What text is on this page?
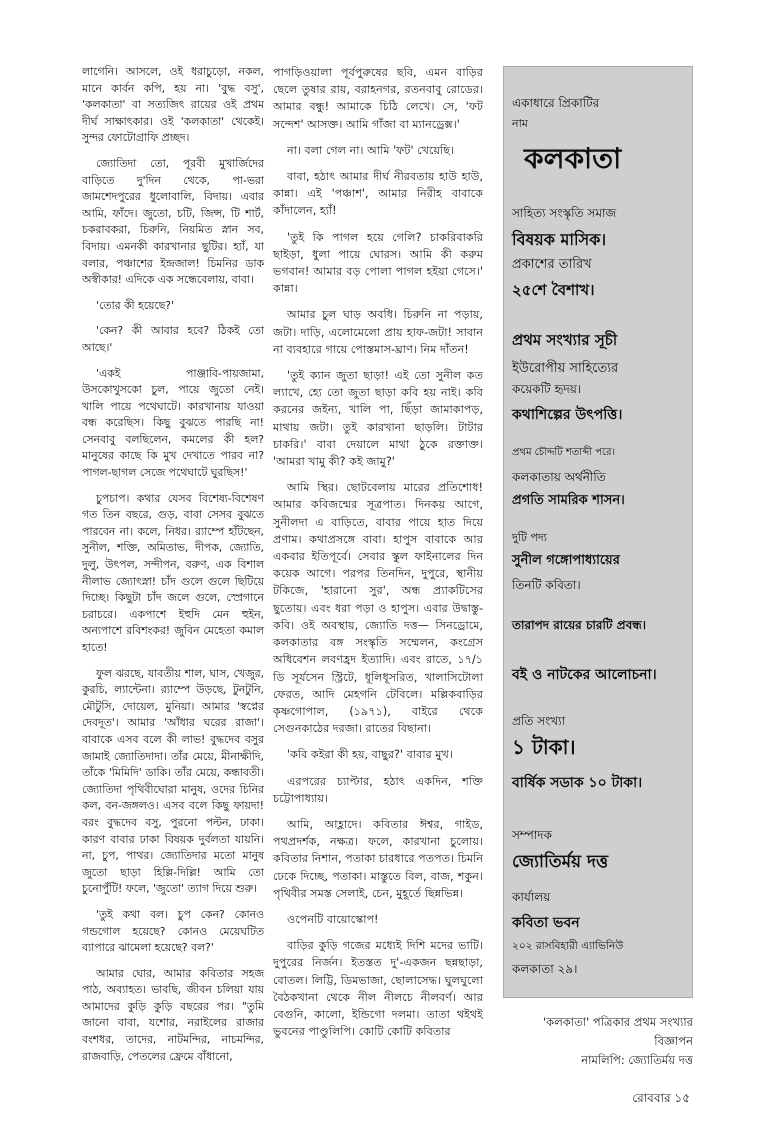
লাগেনি। আসলে, ওই ধরাচুড়ো, নকল, মানে কার্বন কপি, হয় না। 'বুদ্ধ বসু', 'কলকাতা' বা সত্যজিৎ রায়ের ওই প্রথম দীর্ঘ সাক্ষাৎকার। ওই 'কলকাতা' থেকেই। সুন্দর ফোটোগ্রাফি প্রচ্ছদ।

জ্যোতিদা তো, পূরবী মুখার্জিদের বাড়িতে দু'দিন থেকে, পা-ভরা জামশেদপুরের ধুলোবালি, বিদায়। এবার আমি, ফাঁদে। জুতো, চটি, জিন্স, টি শার্ট, চকরাবকরা, চিরুনি, নিয়মিত স্নান সব, বিদায়। এমনকী কারখানার ছুটির। হ্যাঁ, যা বলার, পঞ্চাশের ইন্দ্রজাল! চিমনির ডাক অস্বীকার! এদিকে এক সন্ধেবেলায়, বাবা।

'তোর কী হয়েছে?'

'কেন? কী আবার হবে? ঠিকই তো আছে।'

'একই পাঞ্জাবি-পায়জামা, উসকোখুসকো চুল, পায়ে জুতো নেই। খালি পায়ে পথেঘাটে। কারখানায় যাওয়া বন্ধ করেছিস। কিছু বুঝতে পারছি না! সেনবাবু বলছিলেন, কমলের কী হল? মানুষের কাছে কি মুখ দেখাতে পারব না? পাগল-ছাগল সেজে পথেঘাটে ঘুরছিস!'

চুপচাপ। কথার যেসব বিশেষ্য-বিশেষণ গত তিন বছরে, গুড়, বাবা সেসব বুঝতে পারবেন না। কলে, নিধর। র‍্যাম্পে হাঁটছেন, সুনীল, শক্তি, অমিতাভ, দীপক, জ্যোতি, দুলু, উৎপল, সন্দীপন, বরুণ, এক বিশাল নীলাভ জ্যোৎস্না! চাঁদ গুলে গুলে ছিটিয়ে দিচ্ছে। কিছুটা চাঁদ জলে গুলে, স্প্রেগানে চরাচরে। একপাশে ইহুদি মেন হুইন, অন্যপাশে রবিশংকর! জুবিন মেহেতা কমাল হাতে!

ফুল ঝরছে, যাবতীয় শাল, ঘাস, খেজুর, কুরচি, ল্যান্টেনা। র‍্যাম্পে উড়ছে, টুনটুনি, মৌটুসি, দোয়েল, মুনিয়া। আমার 'স্বপ্নের দেবদূত'। আমার 'আঁধার ঘরের রাজা'। বাবাকে এসব বলে কী লাভ! বুদ্ধদেব বসুর জামাই জ্যোতিদাদা। তাঁর মেয়ে, মীনাক্ষীদি, তাঁকে 'মিমিদি' ডাকি। তাঁর মেয়ে, কন্ধাবতী। জ্যোতিদা পৃথিবীঘোরা মানুষ, ওদের চিনির কল, বন-জঙ্গলও। এসব বলে কিছু ফায়দা! বরং বুদ্ধদেব বসু, পুরনো পল্টন, ঢাকা। কারণ বাবার ঢাকা বিষয়ক দুর্বলতা যায়নি। না, চুপ, পাথর। জ্যোতিদার মতো মানুষ জুতো ছাড়া হিল্লি-দিল্লি! আমি তো চুনোপুঁটি! ফলে, 'জুতো' ত্যাগ দিয়ে শুরু।

'তুই কথা বল। চুপ কেন? কোনও গন্ডগোল হয়েছে? কোনও মেয়েঘটিত ব্যাপারে ঝামেলা হয়েছে? বল?'

আমার ঘোর, আমার কবিতার সহজ পাঠ, অব্যাহত। ভাবছি, জীবন চলিয়া যায় আমাদের কুড়ি কুড়ি বছরের পর। "তুমি জানো বাবা, যশোর, নরাইলের রাজার বংশধর, তাদের, নাটমন্দির, নাচমন্দির, রাজবাড়ি, পেতলের ফ্রেমে বাঁধানো,

পাগড়িওয়ালা পূর্বপুরুষের ছবি, এমন বাড়ির ছেলে তুষার রায়, বরাহনগর, রতনবাবু রোডের। আমার বন্ধু! আমাকে চিঠি লেখে। সে, 'ফট সন্দেশ' আসক্ত। আমি গাঁজা বা ম্যানড্রেক্স।'

না। বলা গেল না। আমি 'ফট' খেয়েছি।

বাবা, হঠাৎ আমার দীর্ঘ নীরবতায় হাউ হাউ, কান্না। এই 'পঞ্চাশ', আমার নিরীহ বাবাকে কাঁদালেন, হ্যাঁ!

'তুই কি পাগল হয়ে গেলি? চাকরিবাকরি ছাইড়া, ধুলা পায়ে ঘোরস। আমি কী করুম ভগবান! আমার বড় পোলা পাগল হইয়া গেসে।' কান্না।

আমার চুল ঘাড় অবধি। চিরুনি না পড়ায়, জটা। দাড়ি, এলোমেলো প্রায় হাফ-জটা! সাবান না ব্যবহারে গায়ে পোস্তমাস-ঘ্রাণ। নিম দাঁতন!

'তুই ক্যান জুতা ছাড়া! এই তো সুনীল কত ল্যাখে, হ্যে তো জুতা ছাড়া কবি হয় নাই। কবি করনের জইন্য, খালি পা, ছিঁড়া জামাকাপড়, মাথায় জটা। তুই কারখানা ছাড়লি। টাটার চাকরি।' বাবা দেয়ালে মাথা ঠুকে রক্তাক্ত। 'আমরা খামু কী? কই জামু?'

আমি স্থির। ছোটবেলায় মারের প্রতিশোধ! আমার কবিজন্মের সূত্রপাত। দিনকয় আগে, সুনীলদা এ বাড়িতে, বাবার পায়ে হাত দিয়ে প্রণাম। কথাপ্রসঙ্গে বাবা। হাপুস বাবাকে আর একবার ইতিপূর্বে। সেবার স্কুল ফাইনালের দিন কয়েক আগে। পরপর তিনদিন, দুপুরে, স্থানীয় টকিজে, 'হারানো সুর', অন্ধ প্র্যাকটিসের ছুতোয়। এবং ধরা পড়া ও হাপুস। এবার উদ্বাস্তু-কবি। ওই অবস্থায়, জ্যোতি দত্ত— সিনড্রোমে, কলকাতার বঙ্গ সংস্কৃতি সম্মেলন, কংগ্রেস অধিবেশন লবণহ্রদ ইত্যাদি। এবং রাতে, ১৭/১ ডি সূর্যসেন স্ট্রিটে, ধূলিধূসরিত, খালাসিটোলা ফেরত, আদি মেহগনি টেবিলে। মল্লিকবাড়ির কৃষ্ণগোপাল, (১৯৭১), বাইরে থেকে সেগুনকাঠের দরজা। রাতের বিছানা।

'কবি কইরা কী হয়, বাছুর?' বাবার মুখ।

এরপরের চ্যাপ্টার, হঠাৎ একদিন, শক্তি চট্টোপাধ্যায়।

আমি, আহ্লাদে। কবিতার ঈশ্বর, গাইড, পথপ্রদর্শক, নক্ষত্র। ফলে, কারখানা চুলোয়। কবিতার নিশান, পতাকা চারধারে পতপত। চিমনি ঢেকে দিচ্ছে, পতাকা। মাস্তুতে বিল, বাজ, শকুন। পৃথিবীর সমস্ত সেলাই, চেন, মুহূর্তে ছিন্নভিন্ন।

ওপেনটি বায়োস্কোপ!

বাড়ির কুড়ি গজের মধ্যেই দিশি মদের ভাটি। দুপুরের নির্জন। ইতস্তত দু'-একজন ছন্নছাড়া, বোতল। লিট্টি, ডিমভাজা, ছোলাসেদ্ধ। ঘুলঘুলো বৈঠকখানা থেকে নীল নীলচে নীলবর্ণ। আর বেগুনি, কালো, ইন্ডিগো দলমা। তাতা থইথই ভুবনের পাণ্ডুলিপি। কোটি কোটি কবিতার

একাধারে প্রিকাটির
নাম
কলকাতা
সাহিত্য সংস্কৃতি সমাজ
বিষয়ক মাসিক।
প্রকাশের তারিখ
২৫শে বৈশাখ।
প্রথম সংখ্যার সূচী
ইউরোপীয় সাহিত্যের
কয়েকটি হৃদয়।
কথাশিল্পের উৎপত্তি।
প্রথম চৌদ্দটি শতাব্দী পরে।
কলকাতায় অর্থনীতি
প্রগতি সামরিক শাসন।
দুটি পদ্য
সুনীল গঙ্গোপাধ্যায়ের
তিনটি কবিতা।
তারাপদ রায়ের চারটি প্রবন্ধ।
বই ও নাটকের আলোচনা।
প্রতি সংখ্যা
১ টাকা।
বার্ষিক সডাক ১০ টাকা।
সম্পাদক
জ্যোতির্ময় দত্ত
কার্যালয়
কবিতা ভবন
২০২ রাসবিহারী এ্যাভিনিউ
কলকাতা ২৯।
'কলকাতা' পত্রিকার প্রথম সংখ্যার বিজ্ঞাপন
নামলিপি: জ্যোতির্ময় দত্ত
রোববার ১৫
